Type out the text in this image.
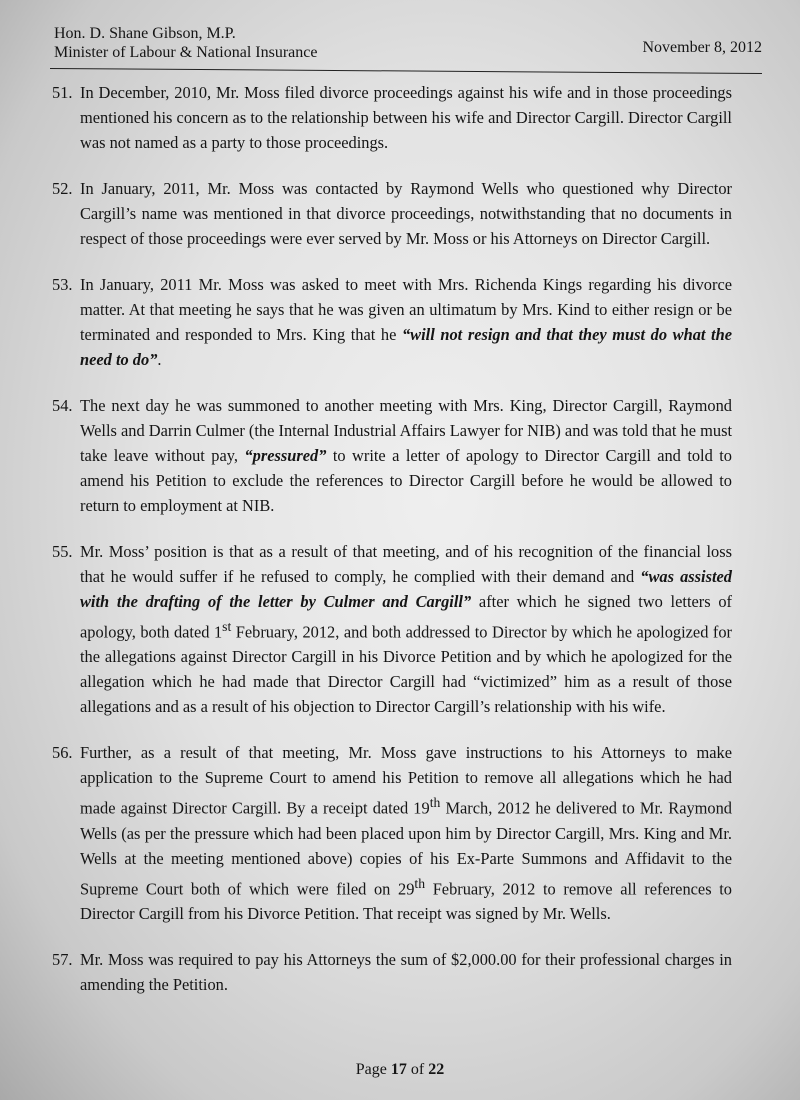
Hon. D. Shane Gibson, M.P.
Minister of Labour & National Insurance	November 8, 2012
51. In December, 2010, Mr. Moss filed divorce proceedings against his wife and in those proceedings mentioned his concern as to the relationship between his wife and Director Cargill. Director Cargill was not named as a party to those proceedings.
52. In January, 2011, Mr. Moss was contacted by Raymond Wells who questioned why Director Cargill’s name was mentioned in that divorce proceedings, notwithstanding that no documents in respect of those proceedings were ever served by Mr. Moss or his Attorneys on Director Cargill.
53. In January, 2011 Mr. Moss was asked to meet with Mrs. Richenda Kings regarding his divorce matter. At that meeting he says that he was given an ultimatum by Mrs. Kind to either resign or be terminated and responded to Mrs. King that he “will not resign and that they must do what the need to do”.
54. The next day he was summoned to another meeting with Mrs. King, Director Cargill, Raymond Wells and Darrin Culmer (the Internal Industrial Affairs Lawyer for NIB) and was told that he must take leave without pay, “pressured” to write a letter of apology to Director Cargill and told to amend his Petition to exclude the references to Director Cargill before he would be allowed to return to employment at NIB.
55. Mr. Moss’ position is that as a result of that meeting, and of his recognition of the financial loss that he would suffer if he refused to comply, he complied with their demand and “was assisted with the drafting of the letter by Culmer and Cargill” after which he signed two letters of apology, both dated 1st February, 2012, and both addressed to Director by which he apologized for the allegations against Director Cargill in his Divorce Petition and by which he apologized for the allegation which he had made that Director Cargill had “victimized” him as a result of those allegations and as a result of his objection to Director Cargill’s relationship with his wife.
56. Further, as a result of that meeting, Mr. Moss gave instructions to his Attorneys to make application to the Supreme Court to amend his Petition to remove all allegations which he had made against Director Cargill. By a receipt dated 19th March, 2012 he delivered to Mr. Raymond Wells (as per the pressure which had been placed upon him by Director Cargill, Mrs. King and Mr. Wells at the meeting mentioned above) copies of his Ex-Parte Summons and Affidavit to the Supreme Court both of which were filed on 29th February, 2012 to remove all references to Director Cargill from his Divorce Petition. That receipt was signed by Mr. Wells.
57. Mr. Moss was required to pay his Attorneys the sum of $2,000.00 for their professional charges in amending the Petition.
Page 17 of 22
